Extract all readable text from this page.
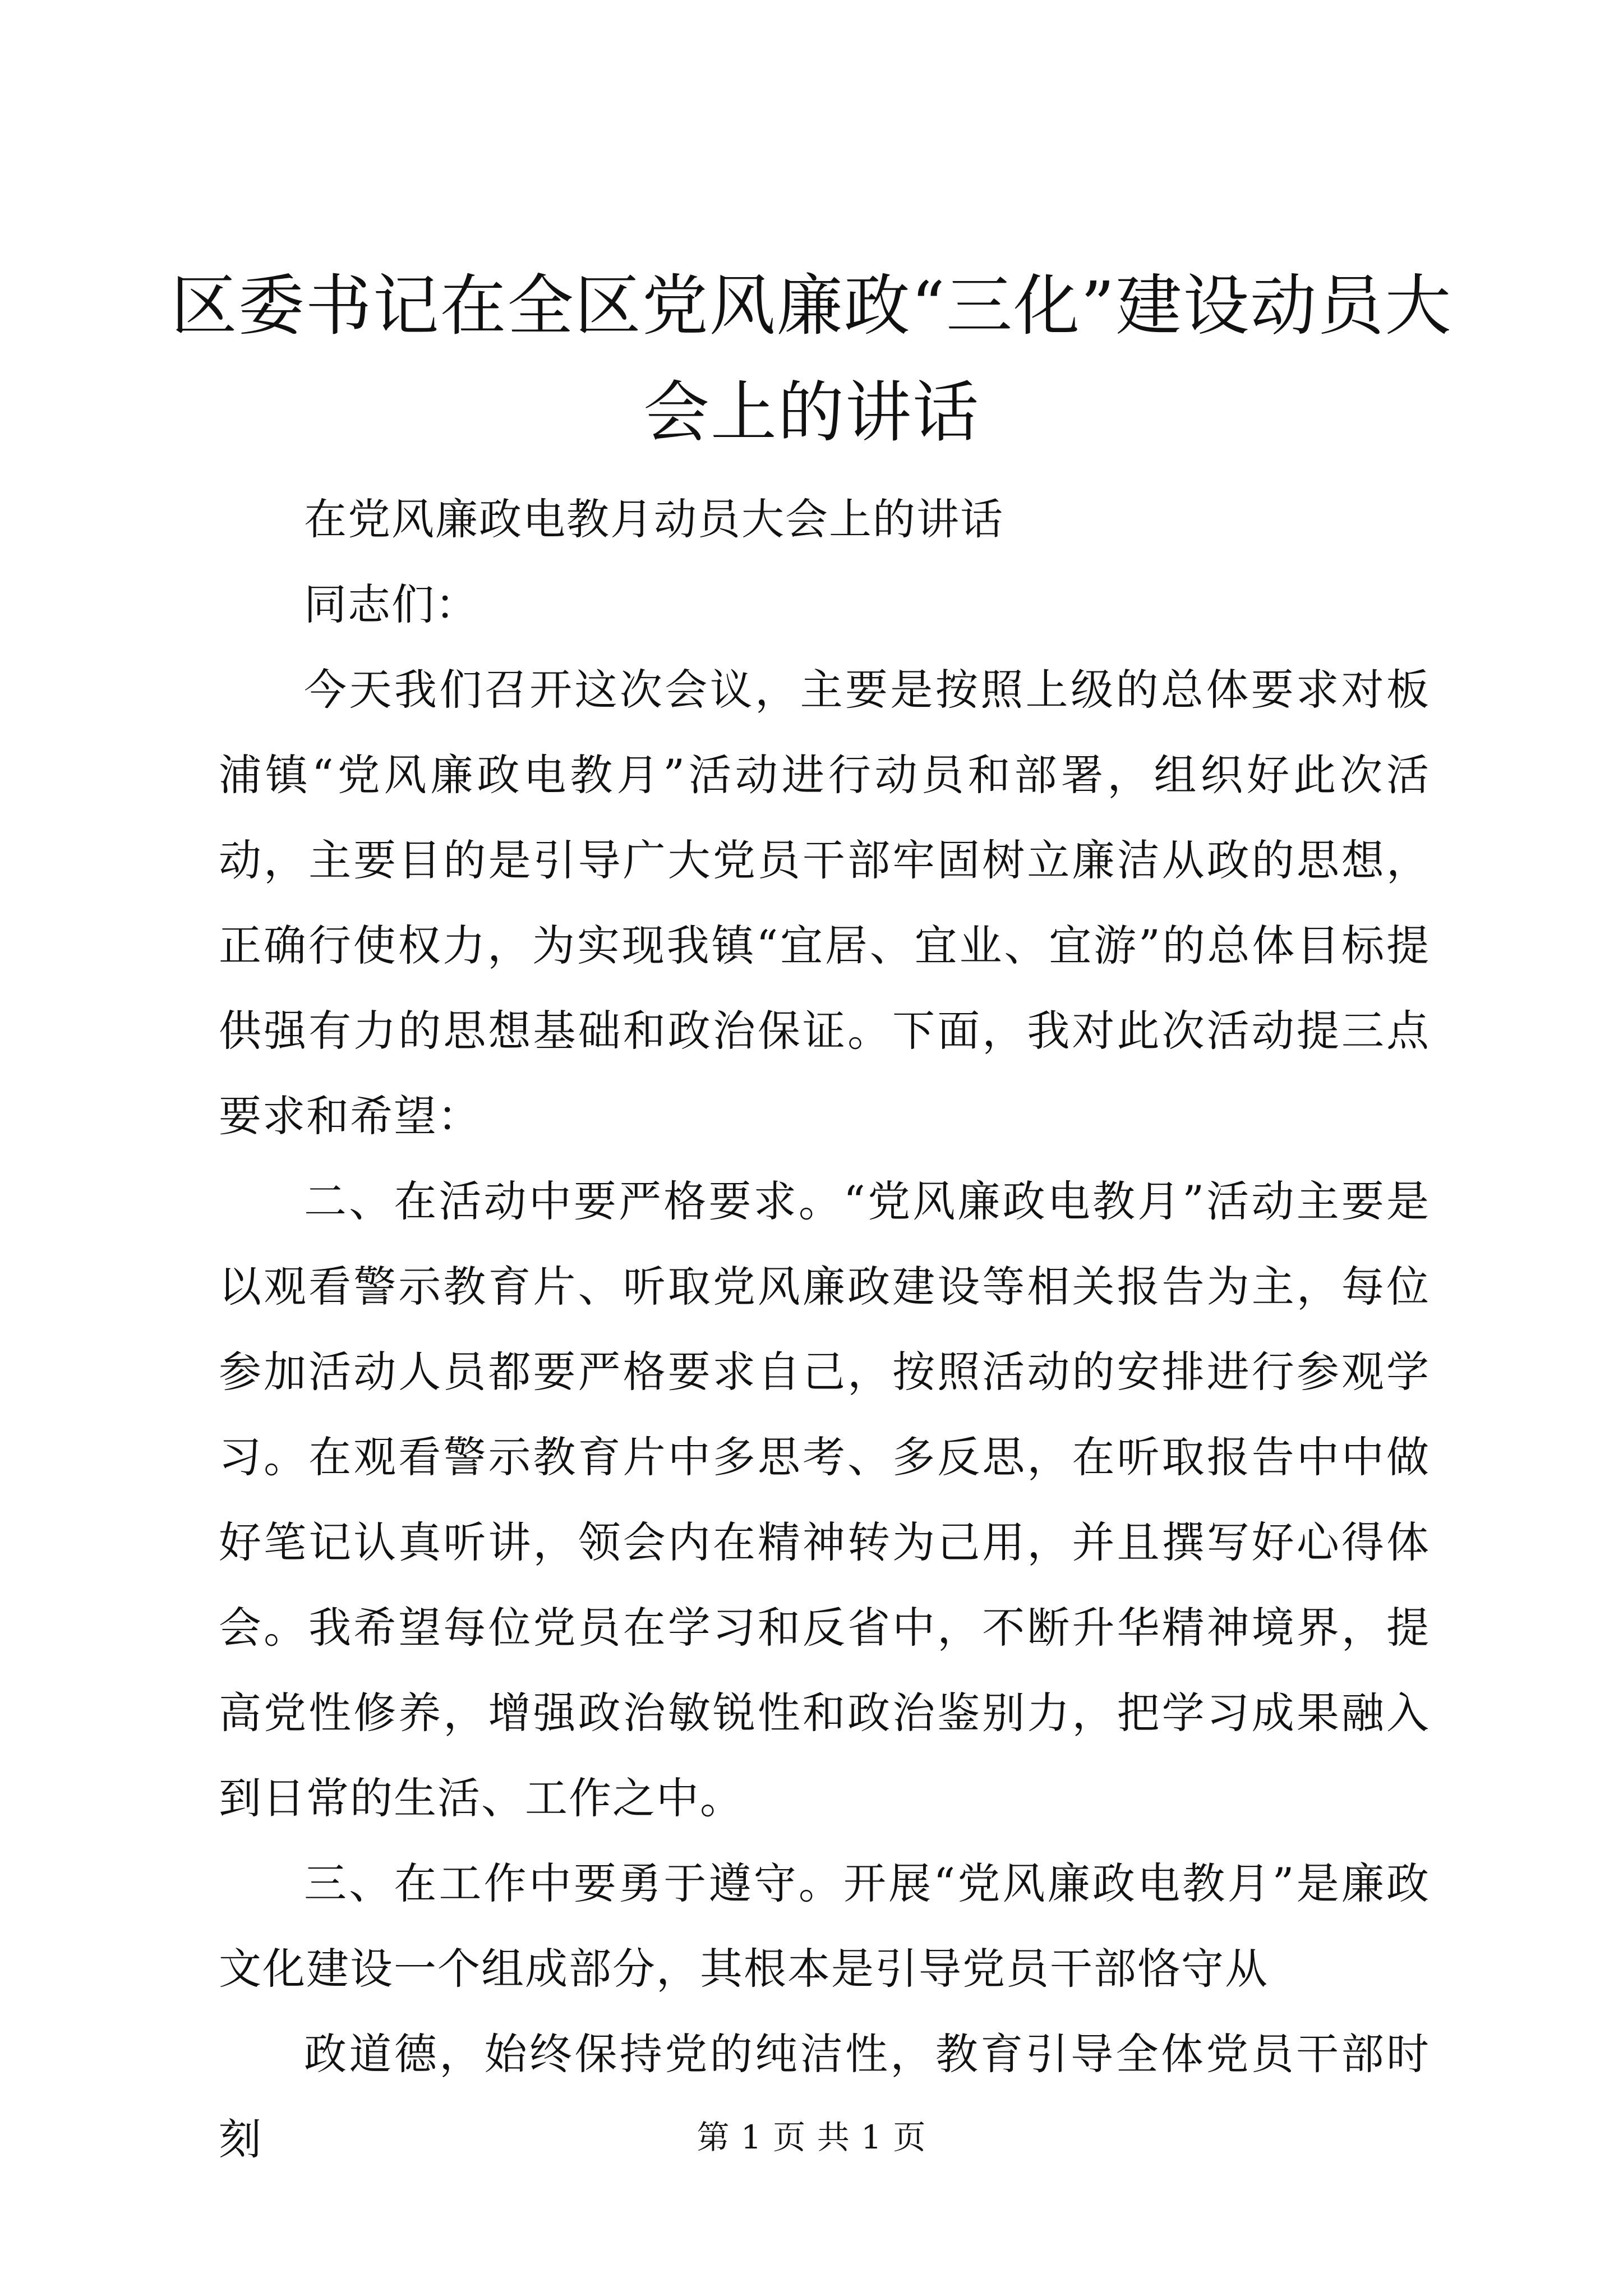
区委书记在全区党风廉政“三化”建设动员大会上的讲话

在党风廉政电教月动员大会上的讲话

同志们：

今天我们召开这次会议，主要是按照上级的总体要求对板浦镇“党风廉政电教月”活动进行动员和部署，组织好此次活动，主要目的是引导广大党员干部牢固树立廉洁从政的思想，正确行使权力，为实现我镇“宜居、宜业、宜游”的总体目标提供强有力的思想基础和政治保证。下面，我对此次活动提三点要求和希望：

二、在活动中要严格要求。“党风廉政电教月”活动主要是以观看警示教育片、听取党风廉政建设等相关报告为主，每位参加活动人员都要严格要求自己，按照活动的安排进行参观学习。在观看警示教育片中多思考、多反思，在听取报告中中做好笔记认真听讲，领会内在精神转为己用，并且撰写好心得体会。我希望每位党员在学习和反省中，不断升华精神境界，提高党性修养，增强政治敏锐性和政治鉴别力，把学习成果融入到日常的生活、工作之中。

三、在工作中要勇于遵守。开展“党风廉政电教月”是廉政文化建设一个组成部分，其根本是引导党员干部恪守从

政道德，始终保持党的纯洁性，教育引导全体党员干部时刻	第 1 页 共 1 页
